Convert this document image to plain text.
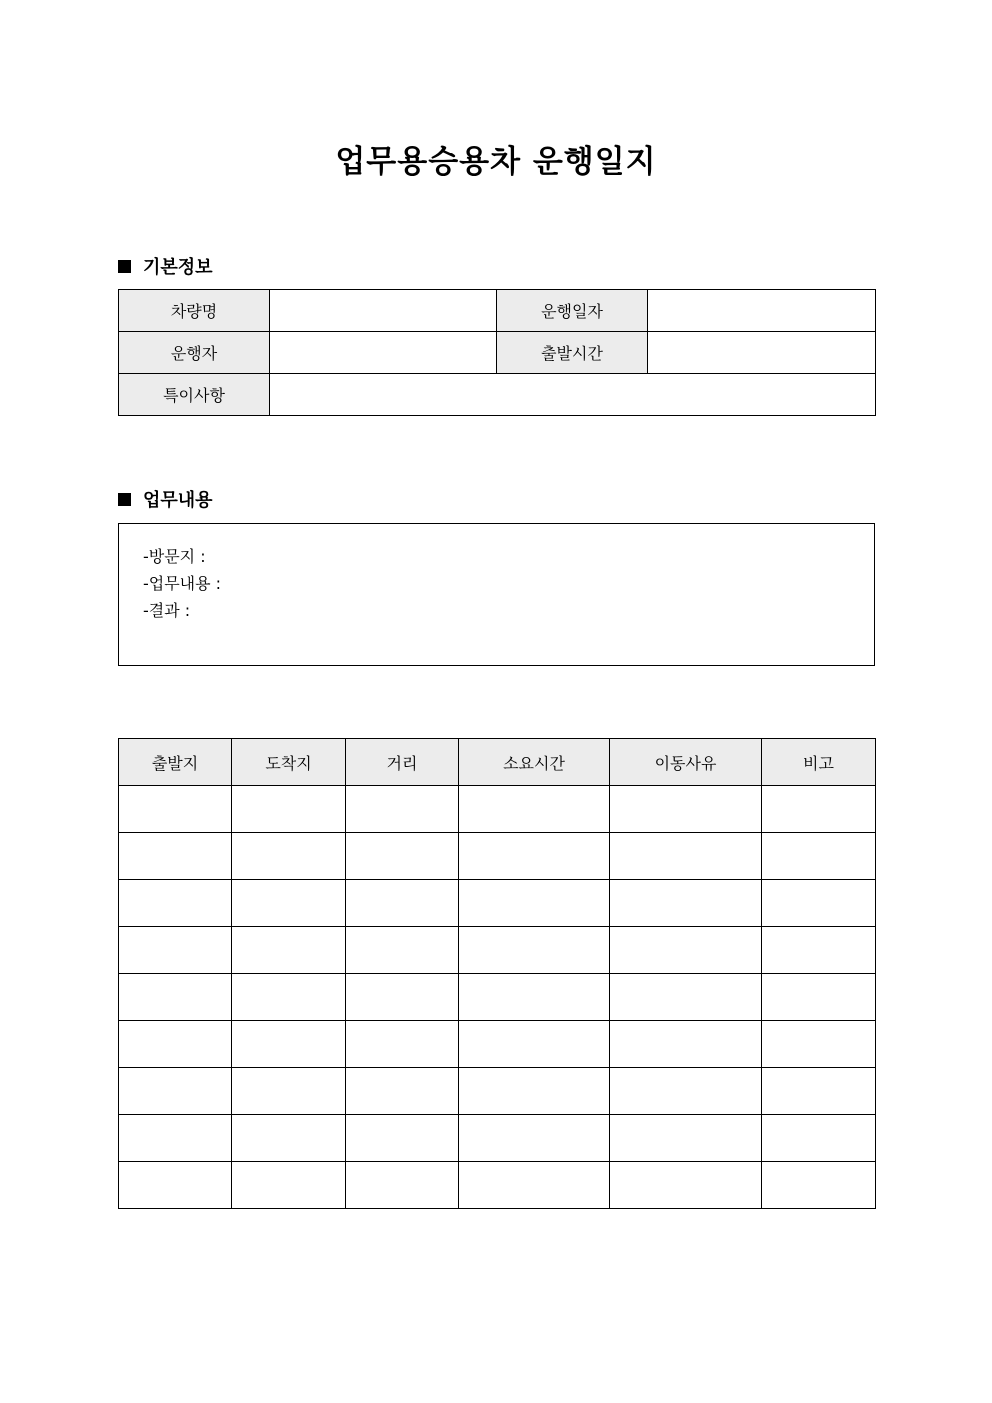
업무용승용차 운행일지
기본정보
차량명		운행일자	
운행자		출발시간	
특이사항			
업무내용
-방문지 :
-업무내용 :
-결과 :
출발지	도착지	거리	소요시간	이동사유	비고
